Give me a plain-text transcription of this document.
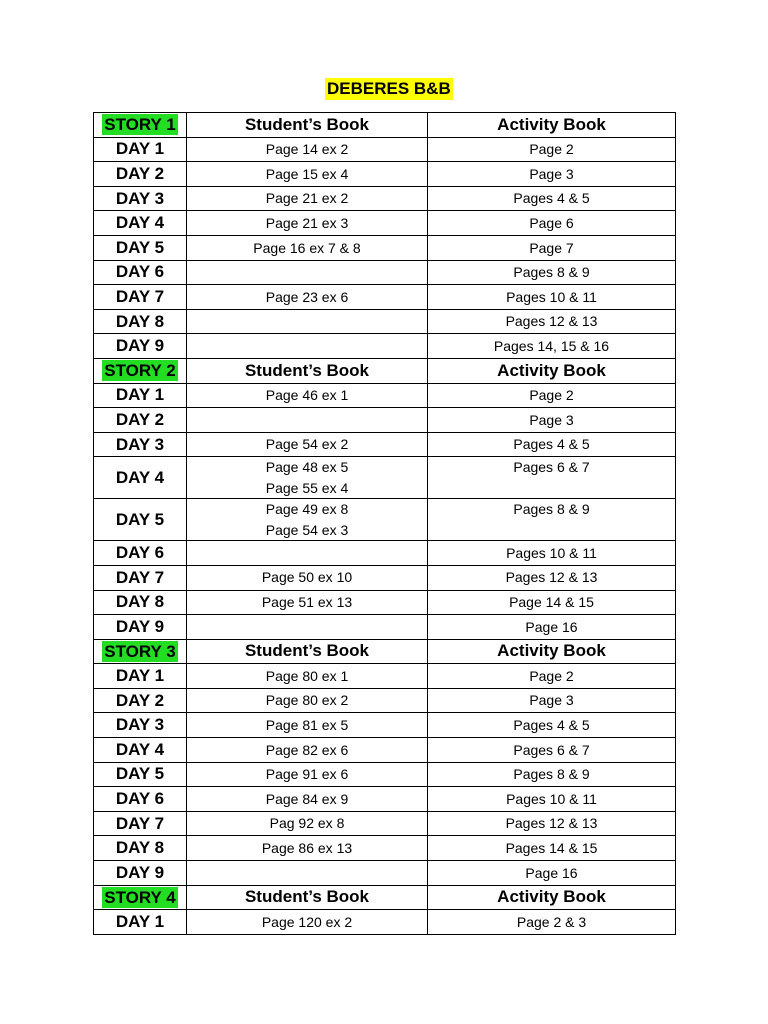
DEBERES B&B
STORY 1	Student’s Book	Activity Book
DAY 1	Page 14 ex 2	Page 2

DAY 2	Page 15 ex 4	Page 3

DAY 3	Page 21 ex 2	Pages 4 & 5

DAY 4	Page 21 ex 3	Page 6

DAY 5	Page 16 ex 7 & 8	Page 7

DAY 6		Pages 8 & 9

DAY 7	Page 23 ex 6	Pages 10 & 11

DAY 8		Pages 12 & 13

DAY 9		Pages 14, 15 & 16

STORY 2	Student’s Book	Activity Book
DAY 1	Page 46 ex 1	Page 2

DAY 2		Page 3

DAY 3	Page 54 ex 2	Pages 4 & 5

DAY 4	Page 48 ex 5
Page 55 ex 4	Pages 6 & 7

DAY 5	Page 49 ex 8
Page 54 ex 3	Pages 8 & 9

DAY 6		Pages 10 & 11

DAY 7	Page 50 ex 10	Pages 12 & 13

DAY 8	Page 51 ex 13	Page 14 & 15

DAY 9		Page 16

STORY 3	Student’s Book	Activity Book
DAY 1	Page 80 ex 1	Page 2

DAY 2	Page 80 ex 2	Page 3

DAY 3	Page 81 ex 5	Pages 4 & 5

DAY 4	Page 82 ex 6	Pages 6 & 7

DAY 5	Page 91 ex 6	Pages 8 & 9

DAY 6	Page 84 ex 9	Pages 10 & 11

DAY 7	Pag 92 ex 8	Pages 12 & 13

DAY 8	Page 86 ex 13	Pages 14 & 15

DAY 9		Page 16

STORY 4	Student’s Book	Activity Book
DAY 1	Page 120 ex 2	Page 2 & 3
